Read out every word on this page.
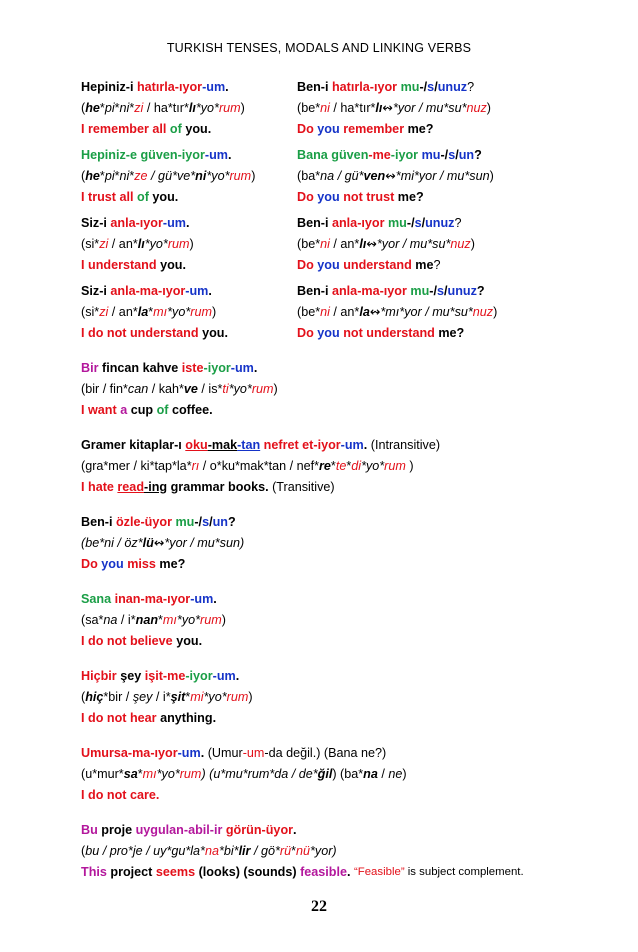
TURKISH TENSES, MODALS AND LINKING VERBS
Hepiniz-i hatırla-ıyor-um.	Ben-i hatırla-ıyor mu-/s/unuz?
(he*pi*ni*zi / ha*tır*lı*yo*rum)	(be*ni / ha*tır*lı↭*yor / mu*su*nuz)
I remember all of you.	Do you remember me?
Hepiniz-e güven-iyor-um.	Bana güven-me-iyor mu-/s/un?
(he*pi*ni*ze / gü*ve*ni*yo*rum)	(ba*na / gü*ven↭*mi*yor / mu*sun)
I trust all of you.	Do you not trust me?
Siz-i anla-ıyor-um.	Ben-i anla-ıyor mu-/s/unuz?
(si*zi / an*lı*yo*rum)	(be*ni / an*lı↭*yor / mu*su*nuz)
I understand you.	Do you understand me?
Siz-i anla-ma-ıyor-um.	Ben-i anla-ma-ıyor mu-/s/unuz?
(si*zi / an*la*mı*yo*rum)	(be*ni / an*la↭*mı*yor / mu*su*nuz)
I do not understand you.	Do you not understand me?
Bir fincan kahve iste -iyor -um .
(bir / fin* can / kah* ve / is* ti *yo* rum )
I want a cup of coffee.
Gramer kitaplar-ı oku -mak -tan nefret et -iyor -um . (Intransitive)
(gra*mer / ki*tap*la* rı / o*ku*mak*tan / nef* re * te * di *yo* rum )
I hate read -ing grammar books. (Transitive)
Ben-i özle -üyor mu -/ s / un ?
(be*ni / öz* lü ↭ *yor / mu*sun)
Do you miss me?
Sana inan -ma -ıyor -um .
(sa* na / i* nan * mı *yo* rum )
I do not believe you.
Hiçbir şey işit -me -iyor -um .
( hiç *bir / şey / i* şit * mi *yo* rum )
I do not hear anything.
Umursa -ma -ıyor -um . (Umur -um -da değil.) (Bana ne?)
(u*mur* sa * mı *yo* rum ) (u*mu*rum*da / de* ğil ) (ba* na / ne )
I do not care.
Bu proje uygulan -abil -ir görün -üyor .
( bu / pro*je / uy*gu*la* na *bi* lir / gö* rü * nü *yor)
This project seems (looks) (sounds) feasible . “Feasible” is subject complement.
22
